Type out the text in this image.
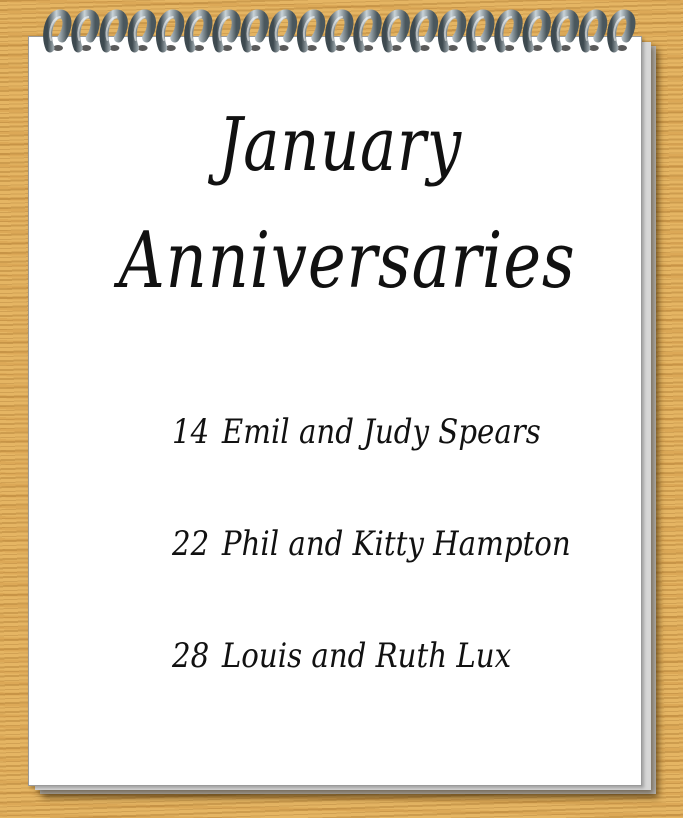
January
Anniversaries
14 Emil and Judy Spears
22 Phil and Kitty Hampton
28 Louis and Ruth Lux
